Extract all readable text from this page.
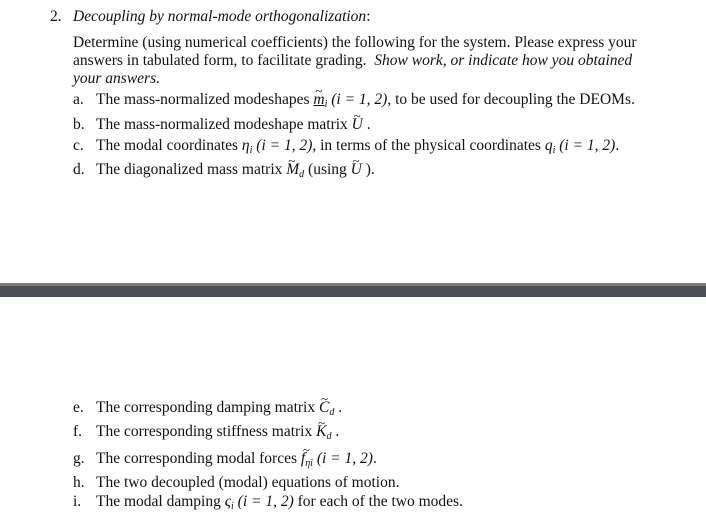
2. Decoupling by normal-mode orthogonalization:
Determine (using numerical coefficients) the following for the system. Please express your
answers in tabulated form, to facilitate grading. Show work, or indicate how you obtained
your answers.
a. The mass-normalized modeshapes ~ $m_i$ (i = 1, 2), to be used for decoupling the DEOMs.
b. The mass-normalized modeshape matrix ~ U .
c. The modal coordinates $\eta_i$ (i = 1, 2), in terms of the physical coordinates $q_i$ (i = 1, 2).
d. The diagonalized mass matrix ~ $M_d$ (using ~ U ).
e. The corresponding damping matrix ~ $C_d$ .
f. The corresponding stiffness matrix ~ $K_d$ .
g. The corresponding modal forces ~ $f_{\eta i}$ (i = 1, 2).
h. The two decoupled (modal) equations of motion.
i. The modal damping $\varsigma_i$ (i = 1, 2) for each of the two modes.
